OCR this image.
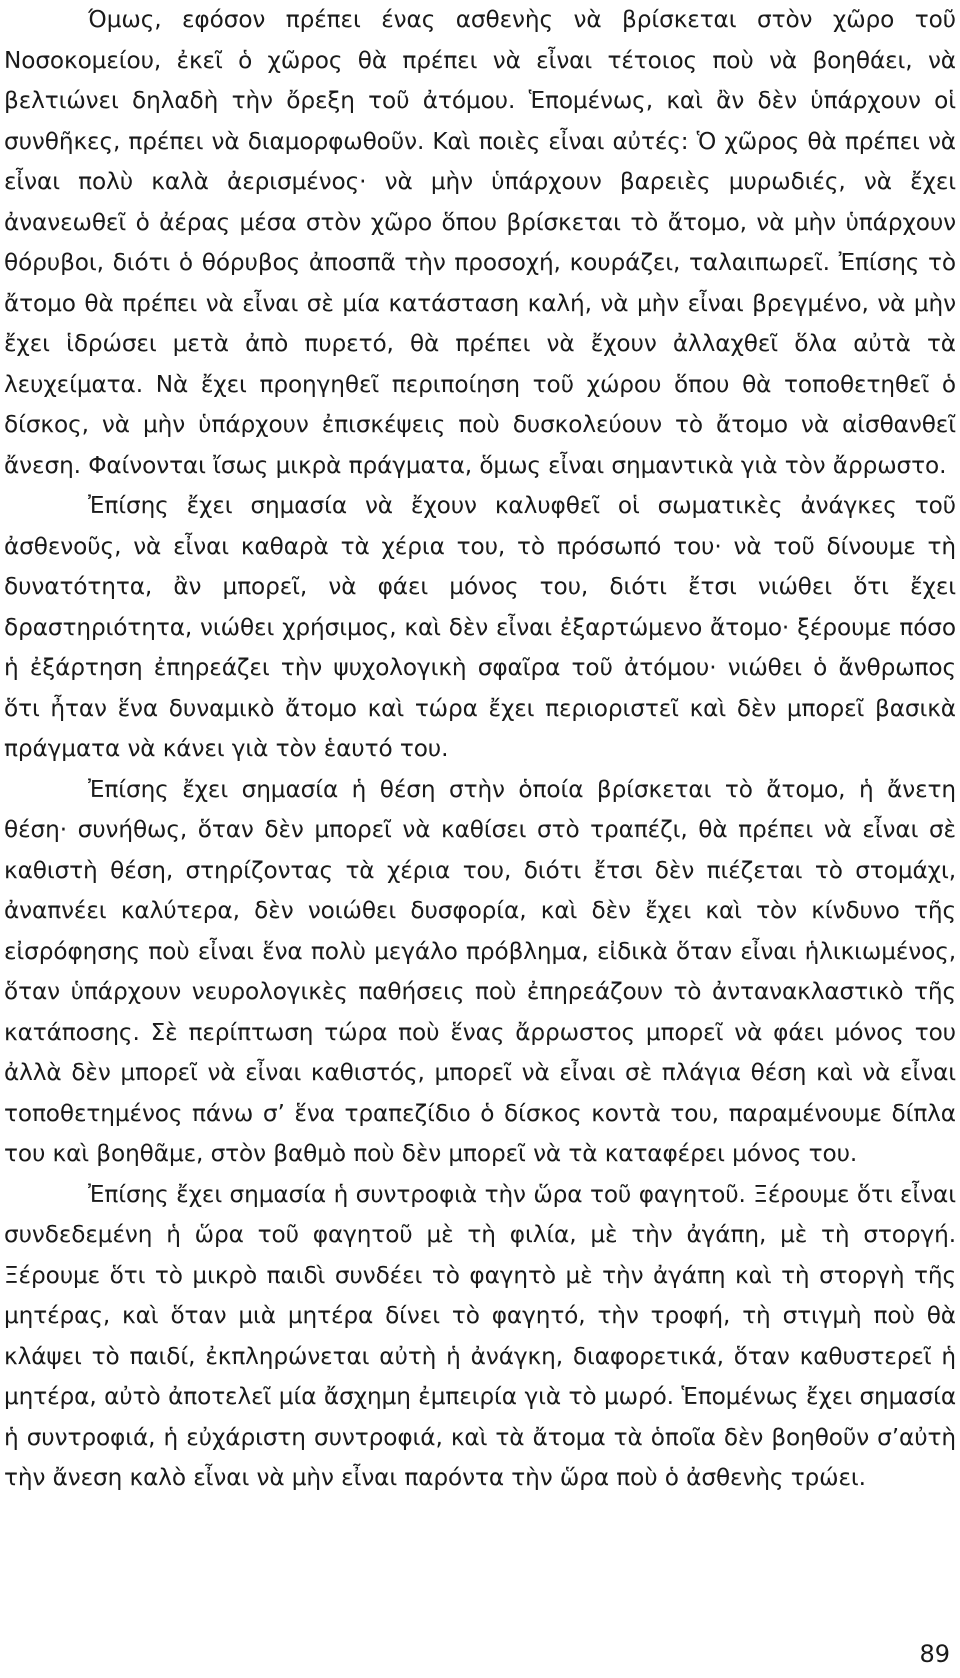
Όμως, εφόσον πρέπει ένας ασθενὴς νὰ βρίσκεται στὸν χῶρο τοῦ Νοσοκομείου, ἐκεῖ ὁ χῶρος θὰ πρέπει νὰ εἶναι τέτοιος ποὺ νὰ βοηθάει, νὰ βελτιώνει δηλαδὴ τὴν ὄρεξη τοῦ ἀτόμου. Ἑπομένως, καὶ ἂν δὲν ὑπάρχουν οἱ συνθῆκες, πρέπει νὰ διαμορφωθοῦν. Καὶ ποιὲς εἶναι αὐτές: Ὁ χῶρος θὰ πρέπει νὰ εἶναι πολὺ καλὰ ἀερισμένος· νὰ μὴν ὑπάρχουν βαρειὲς μυρωδιές, νὰ ἔχει ἀνανεωθεῖ ὁ ἀέρας μέσα στὸν χῶρο ὅπου βρίσκεται τὸ ἄτομο, νὰ μὴν ὑπάρχουν θόρυβοι, διότι ὁ θόρυβος ἀποσπᾶ τὴν προσοχή, κουράζει, ταλαιπωρεῖ. Ἐπίσης τὸ ἄτομο θὰ πρέπει νὰ εἶναι σὲ μία κατάσταση καλή, νὰ μὴν εἶναι βρεγμένο, νὰ μὴν ἔχει ἱδρώσει μετὰ ἀπὸ πυρετό, θὰ πρέπει νὰ ἔχουν ἀλλαχθεῖ ὅλα αὐτὰ τὰ λευχείματα. Νὰ ἔχει προηγηθεῖ περιποίηση τοῦ χώρου ὅπου θὰ τοποθετηθεῖ ὁ δίσκος, νὰ μὴν ὑπάρχουν ἐπισκέψεις ποὺ δυσκολεύουν τὸ ἄτομο νὰ αἰσθανθεῖ ἄνεση. Φαίνονται ἴσως μικρὰ πράγματα, ὅμως εἶναι σημαντικὰ γιὰ τὸν ἄρρωστο.

Ἐπίσης ἔχει σημασία νὰ ἔχουν καλυφθεῖ οἱ σωματικὲς ἀνάγκες τοῦ ἀσθενοῦς, νὰ εἶναι καθαρὰ τὰ χέρια του, τὸ πρόσωπό του· νὰ τοῦ δίνουμε τὴ δυνατότητα, ἂν μπορεῖ, νὰ φάει μόνος του, διότι ἔτσι νιώθει ὅτι ἔχει δραστηριότητα, νιώθει χρήσιμος, καὶ δὲν εἶναι ἐξαρτώμενο ἄτομο· ξέρουμε πόσο ἡ ἐξάρτηση ἐπηρεάζει τὴν ψυχολογικὴ σφαῖρα τοῦ ἀτόμου· νιώθει ὁ ἄνθρωπος ὅτι ἦταν ἕνα δυναμικὸ ἄτομο καὶ τώρα ἔχει περιοριστεῖ καὶ δὲν μπορεῖ βασικὰ πράγματα νὰ κάνει γιὰ τὸν ἑαυτό του.

Ἐπίσης ἔχει σημασία ἡ θέση στὴν ὁποία βρίσκεται τὸ ἄτομο, ἡ ἄνετη θέση· συνήθως, ὅταν δὲν μπορεῖ νὰ καθίσει στὸ τραπέζι, θὰ πρέπει νὰ εἶναι σὲ καθιστὴ θέση, στηρίζοντας τὰ χέρια του, διότι ἔτσι δὲν πιέζεται τὸ στομάχι, ἀναπνέει καλύτερα, δὲν νοιώθει δυσφορία, καὶ δὲν ἔχει καὶ τὸν κίνδυνο τῆς εἰσρόφησης ποὺ εἶναι ἕνα πολὺ μεγάλο πρόβλημα, εἰδικὰ ὅταν εἶναι ἡλικιωμένος, ὅταν ὑπάρχουν νευρολογικὲς παθήσεις ποὺ ἐπηρεάζουν τὸ ἀντανακλαστικὸ τῆς κατάποσης. Σὲ περίπτωση τώρα ποὺ ἕνας ἄρρωστος μπορεῖ νὰ φάει μόνος του ἀλλὰ δὲν μπορεῖ νὰ εἶναι καθιστός, μπορεῖ νὰ εἶναι σὲ πλάγια θέση καὶ νὰ εἶναι τοποθετημένος πάνω σ’ ἕνα τραπεζίδιο ὁ δίσκος κοντὰ του, παραμένουμε δίπλα του καὶ βοηθᾶμε, στὸν βαθμὸ ποὺ δὲν μπορεῖ νὰ τὰ καταφέρει μόνος του.

Ἐπίσης ἔχει σημασία ἡ συντροφιὰ τὴν ὥρα τοῦ φαγητοῦ. Ξέρουμε ὅτι εἶναι συνδεδεμένη ἡ ὥρα τοῦ φαγητοῦ μὲ τὴ φιλία, μὲ τὴν ἀγάπη, μὲ τὴ στοργή. Ξέρουμε ὅτι τὸ μικρὸ παιδὶ συνδέει τὸ φαγητὸ μὲ τὴν ἀγάπη καὶ τὴ στοργὴ τῆς μητέρας, καὶ ὅταν μιὰ μητέρα δίνει τὸ φαγητό, τὴν τροφή, τὴ στιγμὴ ποὺ θὰ κλάψει τὸ παιδί, ἐκπληρώνεται αὐτὴ ἡ ἀνάγκη, διαφορετικά, ὅταν καθυστερεῖ ἡ μητέρα, αὐτὸ ἀποτελεῖ μία ἄσχημη ἐμπειρία γιὰ τὸ μωρό. Ἑπομένως ἔχει σημασία ἡ συντροφιά, ἡ εὐχάριστη συντροφιά, καὶ τὰ ἄτομα τὰ ὁποῖα δὲν βοηθοῦν σ’αὐτὴ τὴν ἄνεση καλὸ εἶναι νὰ μὴν εἶναι παρόντα τὴν ὥρα ποὺ ὁ ἀσθενὴς τρώει.

89
